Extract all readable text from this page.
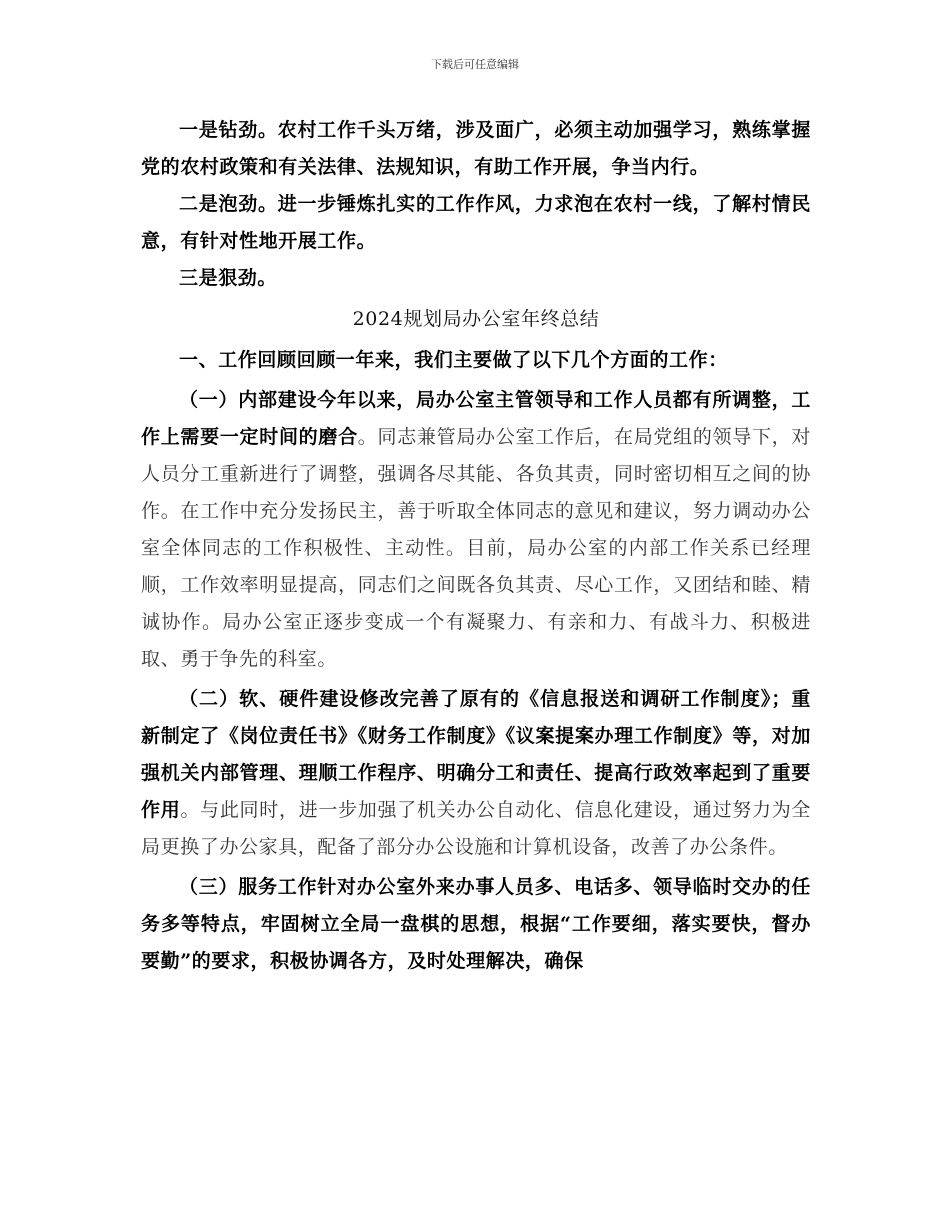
下载后可任意编辑

一是钻劲。农村工作千头万绪，涉及面广，必须主动加强学习，熟练掌握党的农村政策和有关法律、法规知识，有助工作开展，争当内行。

二是泡劲。进一步锤炼扎实的工作作风，力求泡在农村一线，了解村情民意，有针对性地开展工作。

三是狠劲。

2024规划局办公室年终总结

一、工作回顾回顾一年来，我们主要做了以下几个方面的工作：

（一）内部建设今年以来，局办公室主管领导和工作人员都有所调整，工作上需要一定时间的磨合。同志兼管局办公室工作后，在局党组的领导下，对人员分工重新进行了调整，强调各尽其能、各负其责，同时密切相互之间的协作。在工作中充分发扬民主，善于听取全体同志的意见和建议，努力调动办公室全体同志的工作积极性、主动性。目前，局办公室的内部工作关系已经理顺，工作效率明显提高，同志们之间既各负其责、尽心工作，又团结和睦、精诚协作。局办公室正逐步变成一个有凝聚力、有亲和力、有战斗力、积极进取、勇于争先的科室。

（二）软、硬件建设修改完善了原有的《信息报送和调研工作制度》；重新制定了《岗位责任书》《财务工作制度》《议案提案办理工作制度》等，对加强机关内部管理、理顺工作程序、明确分工和责任、提高行政效率起到了重要作用。与此同时，进一步加强了机关办公自动化、信息化建设，通过努力为全局更换了办公家具，配备了部分办公设施和计算机设备，改善了办公条件。

（三）服务工作针对办公室外来办事人员多、电话多、领导临时交办的任务多等特点，牢固树立全局一盘棋的思想，根据“工作要细，落实要快，督办要勤”的要求，积极协调各方，及时处理解决，确保
